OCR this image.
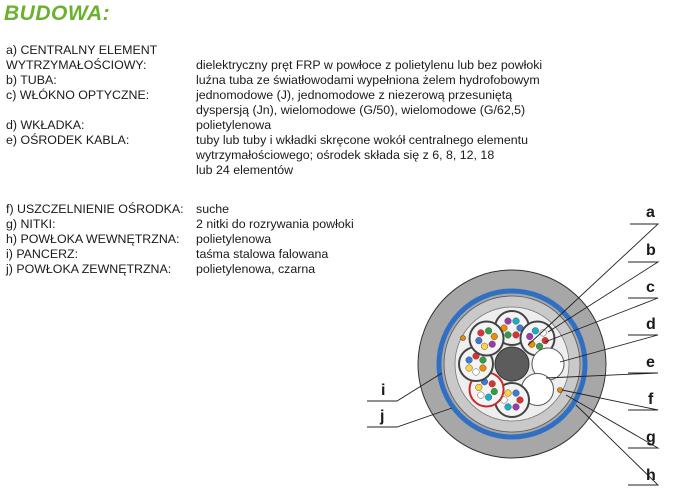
BUDOWA:
a) CENTRALNY ELEMENT
WYTRZYMAŁOŚCIOWY:	dielektryczny pręt FRP w powłoce z polietylenu lub bez powłoki
b) TUBA:	luźna tuba ze światłowodami wypełniona żelem hydrofobowym
c) WŁÓKNO OPTYCZNE:	jednomodowe (J), jednomodowe z niezerową przesuniętą
dyspersją (Jn), wielomodowe (G/50), wielomodowe (G/62,5)
d) WKŁADKA:	polietylenowa
e) OŚRODEK KABLA:	tuby lub tuby i wkładki skręcone wokół centralnego elementu
wytrzymałościowego; ośrodek składa się z 6, 8, 12, 18
lub 24 elementów
f) USZCZELNIENIE OŚRODKA: suche
g) NITKI:	2 nitki do rozrywania powłoki
h) POWŁOKA WEWNĘTRZNA: polietylenowa
i) PANCERZ:	taśma stalowa falowana
j) POWŁOKA ZEWNĘTRZNA: polietylenowa, czarna
a
b
c
d
e
f
g
h
i
j
